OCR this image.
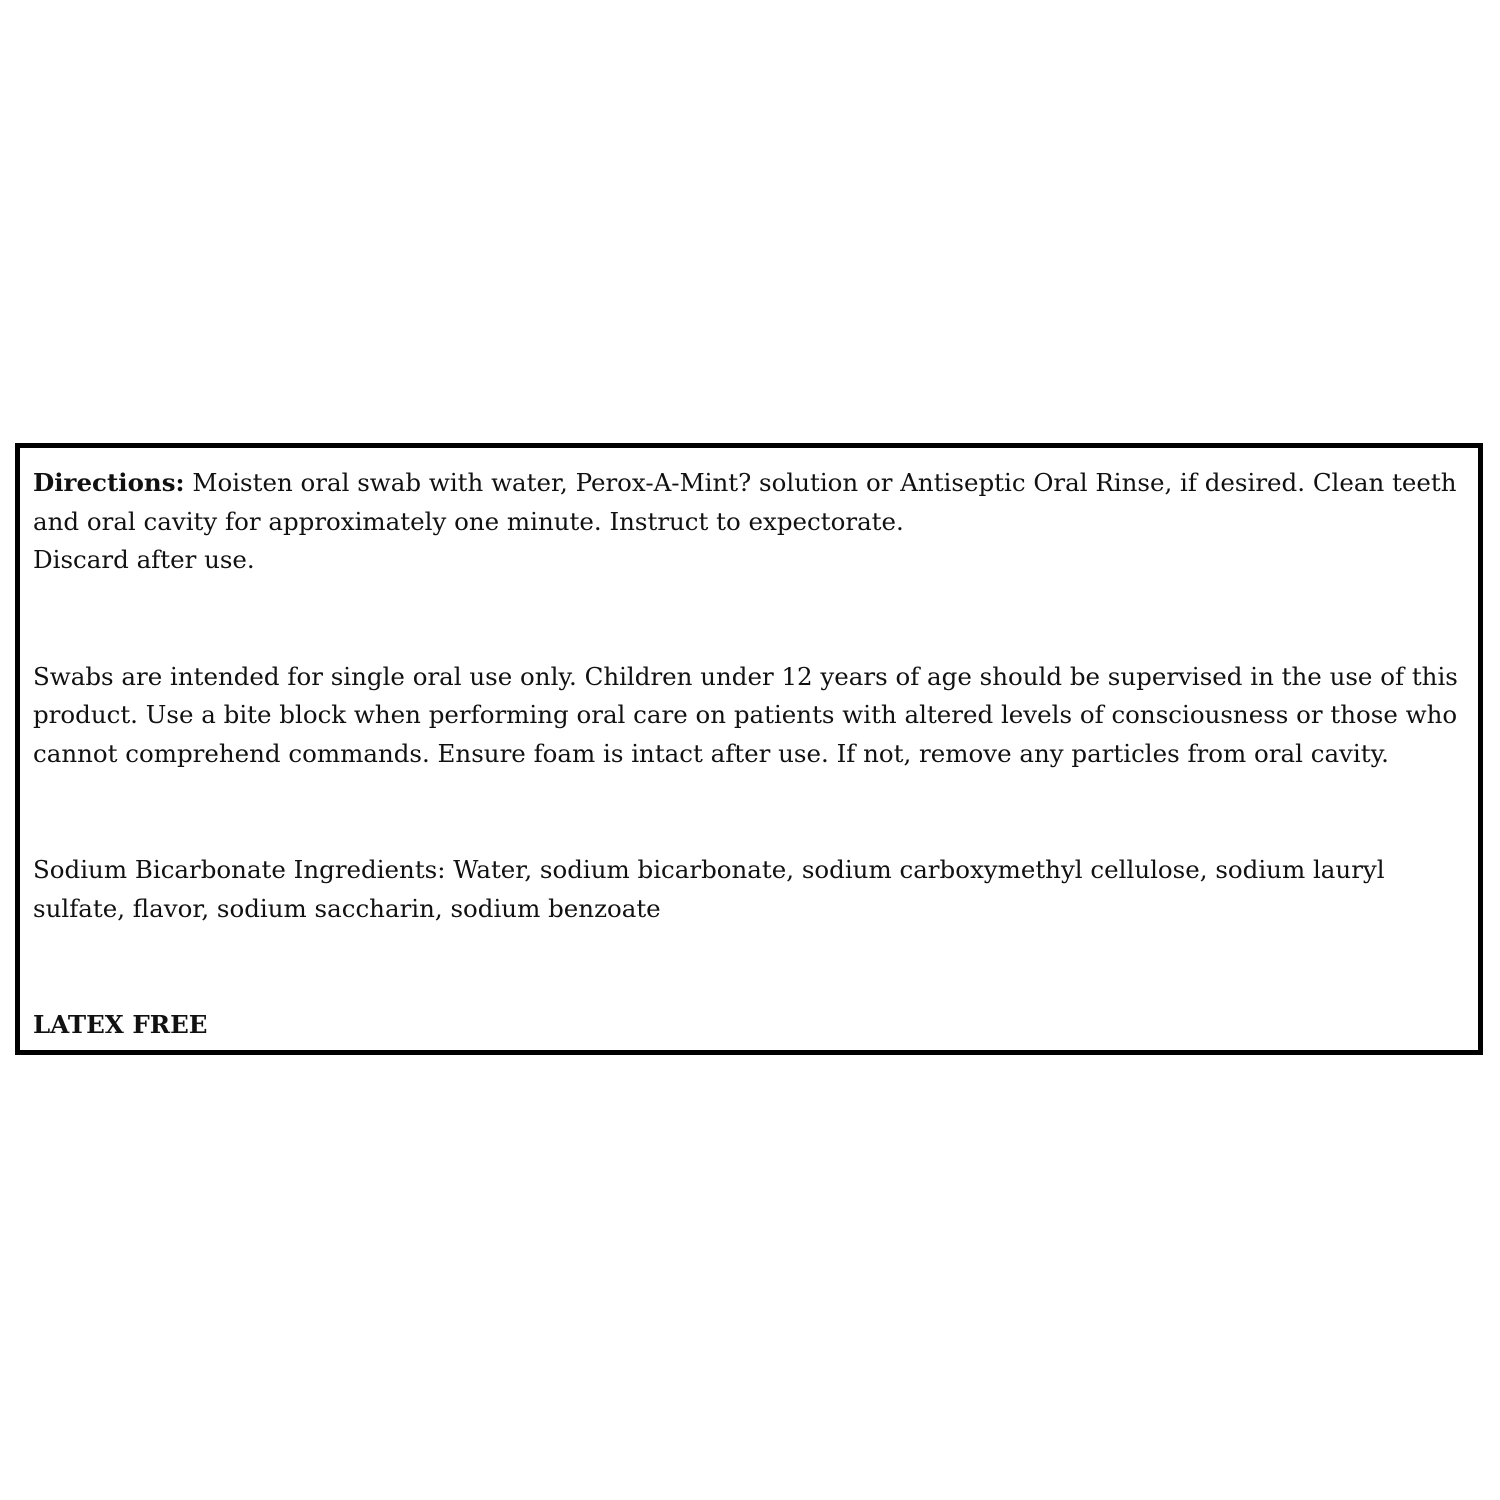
Directions: Moisten oral swab with water, Perox-A-Mint? solution or Antiseptic Oral Rinse, if desired. Clean teeth and oral cavity for approximately one minute. Instruct to expectorate.
Discard after use.

Swabs are intended for single oral use only. Children under 12 years of age should be supervised in the use of this product. Use a bite block when performing oral care on patients with altered levels of consciousness or those who cannot comprehend commands. Ensure foam is intact after use. If not, remove any particles from oral cavity.

Sodium Bicarbonate Ingredients: Water, sodium bicarbonate, sodium carboxymethyl cellulose, sodium lauryl sulfate, flavor, sodium saccharin, sodium benzoate

LATEX FREE
